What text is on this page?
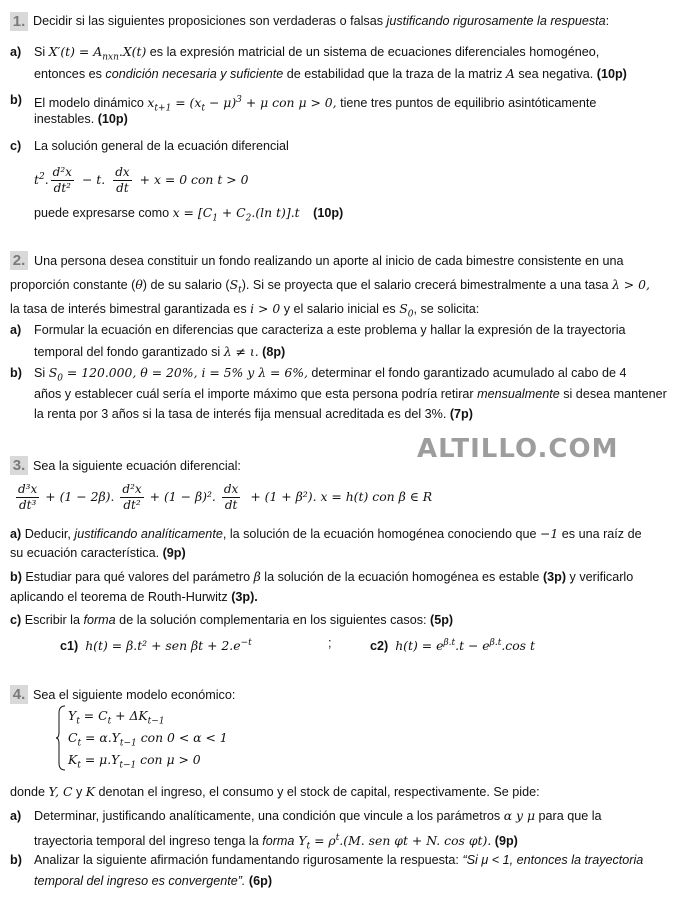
1. Decidir si las siguientes proposiciones son verdaderas o falsas justificando rigurosamente la respuesta:
a) Si $X'(t) = A_{nxn}.X(t)$ es la expresión matricial de un sistema de ecuaciones diferenciales homogéneo,
entonces es condición necesaria y suficiente de estabilidad que la traza de la matriz A sea negativa. (10p)
b) El modelo dinámico $x_{t+1} = (x_t - \mu)^3 + \mu$ con μ > 0, tiene tres puntos de equilibrio asintóticamente
inestables. (10p)
c) La solución general de la ecuación diferencial
$t^2$. $\frac{\text{d²x}}{\text{dt²}} - t$. $\frac{dx}{dt} + x = 0$ con t > 0
puede expresarse como $x = [C_1 + C_2.(\ln$ t)].t (10p)
2. Una persona desea constituir un fondo realizando un aporte al inicio de cada bimestre consistente en una
proporción constante (θ) de su salario $(S_t)$. Si se proyecta que el salario crecerá bimestralmente a una tasa λ > 0,
la tasa de interés bimestral garantizada es i > 0 y el salario inicial es $S_0$, se solicita:
a) Formular la ecuación en diferencias que caracteriza a este problema y hallar la expresión de la trayectoria
temporal del fondo garantizado si λ ≠ ι. (8p)
b) Si $S_0 = 120.000$, θ = 20%, i = 5% y λ = 6%, determinar el fondo garantizado acumulado al cabo de 4
años y establecer cuál sería el importe máximo que esta persona podría retirar mensualmente si desea mantener
la renta por 3 años si la tasa de interés fija mensual acreditada es del 3%. (7p)
ALTILLO.COM
3. Sea la siguiente ecuación diferencial:
$\frac{\text{d³x}}{\text{dt³}} + (1 - 2\beta)$. $\frac{\text{d²x}}{\text{dt²}} + (1 - \beta)^2$. $\frac{dx}{dt} + (1 + \beta^2)$. x = h(t) con β ∈ R
a) Deducir, justificando analíticamente, la solución de la ecuación homogénea conociendo que −1 es una raíz de
su ecuación característica. (9p)
b) Estudiar para qué valores del parámetro β la solución de la ecuación homogénea es estable (3p) y verificarlo
aplicando el teorema de Routh-Hurwitz (3p).
c) Escribir la forma de la solución complementaria en los siguientes casos: (5p)
c1) h(t) = β.t² + sen $\beta t + 2.e^{-t}$	;	c2) $h(t) = e^{\beta.t}.t - e^{\beta.t}.\cos$ t
4. Sea el siguiente modelo económico:
$Y_t = C_t + \Delta K_{t-1}$
$C_t = \alpha.Y_{t-1}$ con 0 < α < 1
$K_t = \mu.Y_{t-1}$ con μ > 0
donde Y, C y K denotan el ingreso, el consumo y el stock de capital, respectivamente. Se pide:
a) Determinar, justificando analíticamente, una condición que vincule a los parámetros α y μ para que la
trayectoria temporal del ingreso tenga la forma $Y_t = \rho^t.(M$. sen φt + N. cos φt). (9p)
b) Analizar la siguiente afirmación fundamentando rigurosamente la respuesta: “Si μ < 1, entonces la trayectoria
temporal del ingreso es convergente”. (6p)
